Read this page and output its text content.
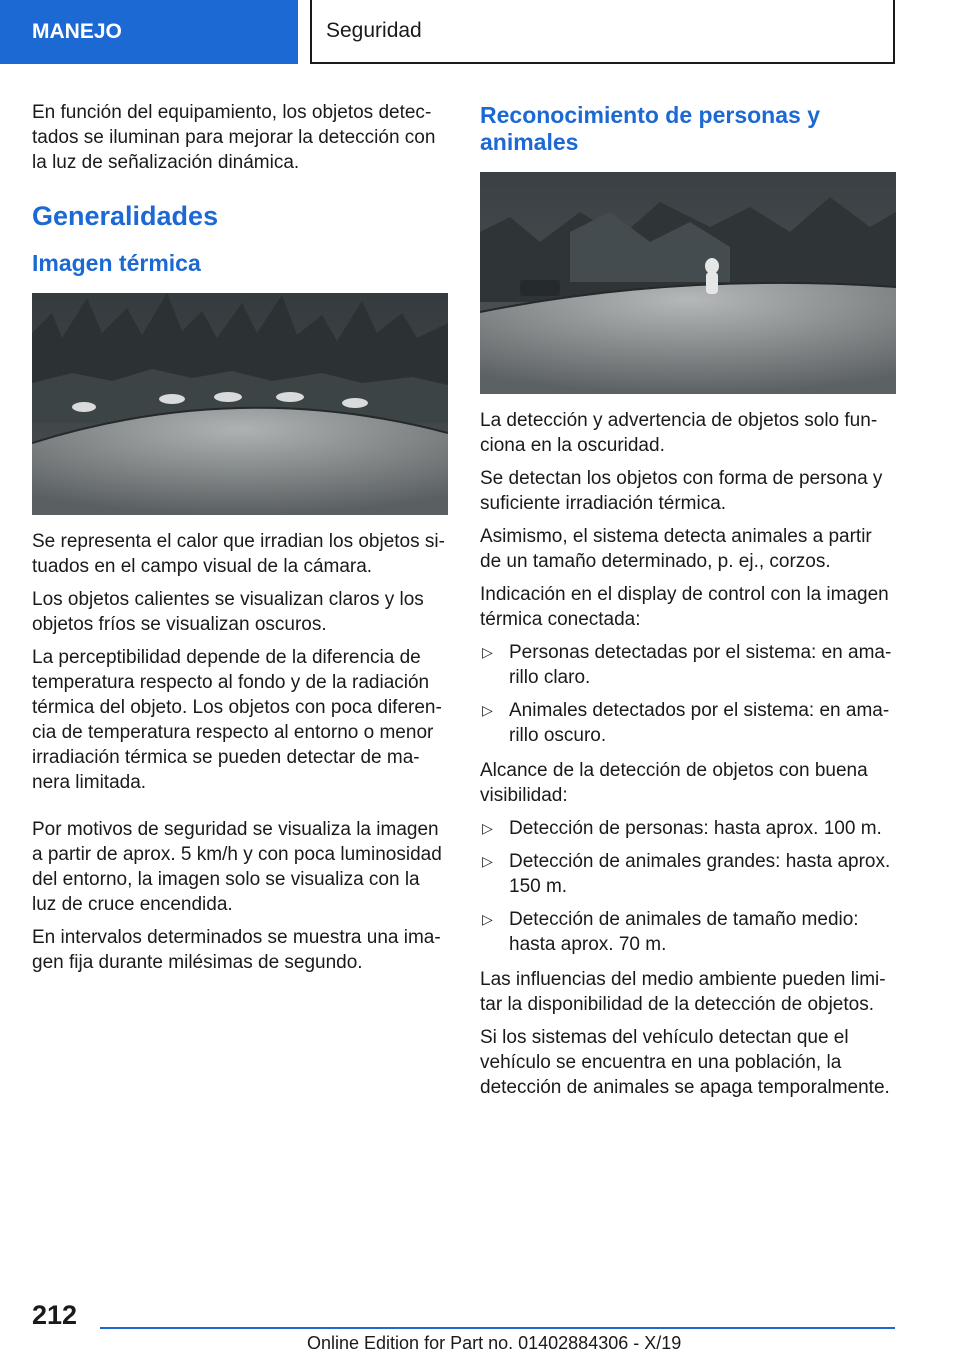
MANEJO	Seguridad

En función del equipamiento, los objetos detectados se iluminan para mejorar la detección con la luz de señalización dinámica.

Generalidades
Imagen térmica

Se representa el calor que irradian los objetos situados en el campo visual de la cámara.

Los objetos calientes se visualizan claros y los objetos fríos se visualizan oscuros.

La perceptibilidad depende de la diferencia de temperatura respecto al fondo y de la radiación térmica del objeto. Los objetos con poca diferencia de temperatura respecto al entorno o menor irradiación térmica se pueden detectar de manera limitada.

Por motivos de seguridad se visualiza la imagen a partir de aprox. 5 km/h y con poca luminosidad del entorno, la imagen solo se visualiza con la luz de cruce encendida.

En intervalos determinados se muestra una imagen fija durante milésimas de segundo.

Reconocimiento de personas y animales

La detección y advertencia de objetos solo funciona en la oscuridad.

Se detectan los objetos con forma de persona y suficiente irradiación térmica.

Asimismo, el sistema detecta animales a partir de un tamaño determinado, p. ej., corzos.

Indicación en el display de control con la imagen térmica conectada:

▷ Personas detectadas por el sistema: en amarillo claro.
▷ Animales detectados por el sistema: en amarillo oscuro.

Alcance de la detección de objetos con buena visibilidad:

▷ Detección de personas: hasta aprox. 100 m.
▷ Detección de animales grandes: hasta aprox. 150 m.
▷ Detección de animales de tamaño medio: hasta aprox. 70 m.

Las influencias del medio ambiente pueden limitar la disponibilidad de la detección de objetos.

Si los sistemas del vehículo detectan que el vehículo se encuentra en una población, la detección de animales se apaga temporalmente.

212
Online Edition for Part no. 01402884306 - X/19
